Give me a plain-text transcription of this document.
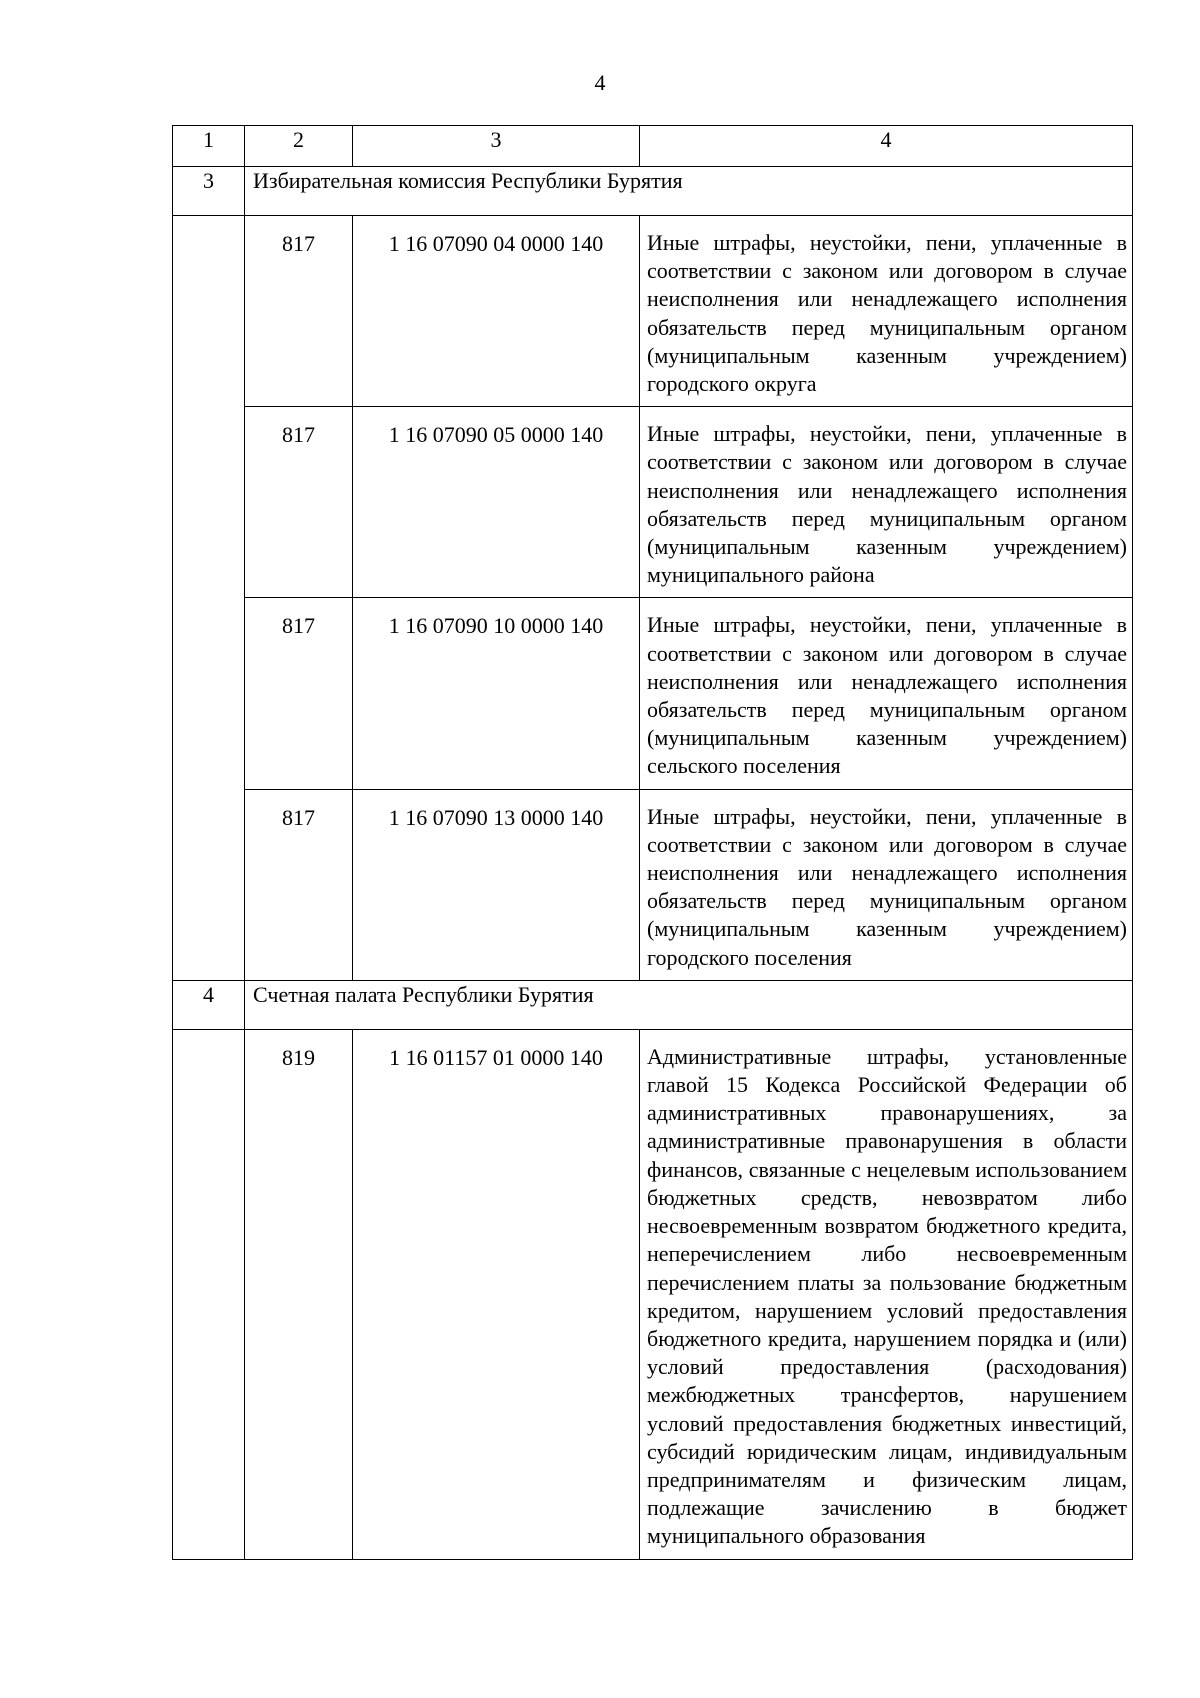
4
1	2	3	4
3	Избирательная комиссия Республики Бурятия		
	817	1 16 07090 04 0000 140	Иные штрафы, неустойки, пени, уплаченные в соответствии с законом или договором в случае неисполнения или ненадлежащего исполнения обязательств перед муниципальным органом (муниципальным казенным учреждением) городского округа
	817	1 16 07090 05 0000 140	Иные штрафы, неустойки, пени, уплаченные в соответствии с законом или договором в случае неисполнения или ненадлежащего исполнения обязательств перед муниципальным органом (муниципальным казенным учреждением) муниципального района
	817	1 16 07090 10 0000 140	Иные штрафы, неустойки, пени, уплаченные в соответствии с законом или договором в случае неисполнения или ненадлежащего исполнения обязательств перед муниципальным органом (муниципальным казенным учреждением) сельского поселения
	817	1 16 07090 13 0000 140	Иные штрафы, неустойки, пени, уплаченные в соответствии с законом или договором в случае неисполнения или ненадлежащего исполнения обязательств перед муниципальным органом (муниципальным казенным учреждением) городского поселения
4	Счетная палата Республики Бурятия		
	819	1 16 01157 01 0000 140	Административные штрафы, установленные главой 15 Кодекса Российской Федерации об административных правонарушениях, за административные правонарушения в области финансов, связанные с нецелевым использованием бюджетных средств, невозвратом либо несвоевременным возвратом бюджетного кредита, неперечислением либо несвоевременным перечислением платы за пользование бюджетным кредитом, нарушением условий предоставления бюджетного кредита, нарушением порядка и (или) условий предоставления (расходования) межбюджетных трансфертов, нарушением условий предоставления бюджетных инвестиций, субсидий юридическим лицам, индивидуальным предпринимателям и физическим лицам, подлежащие зачислению в бюджет муниципального образования
